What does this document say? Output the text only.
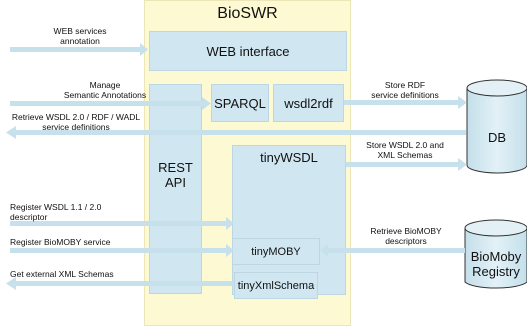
BioSWR
WEB interface
REST
API
SPARQL	wsdl2rdf
tinyWSDL
tinyMOBY
tinyXmlSchema
DB
BioMoby
Registry
WEB services
annotation
Manage
Semantic Annotations
Retrieve WSDL 2.0 / RDF / WADL
service definitions
Register WSDL 1.1 / 2.0
descriptor
Register BioMOBY service
Get external XML Schemas
Store RDF
service definitions
Store WSDL 2.0 and
XML Schemas
Retrieve BioMOBY
descriptors
